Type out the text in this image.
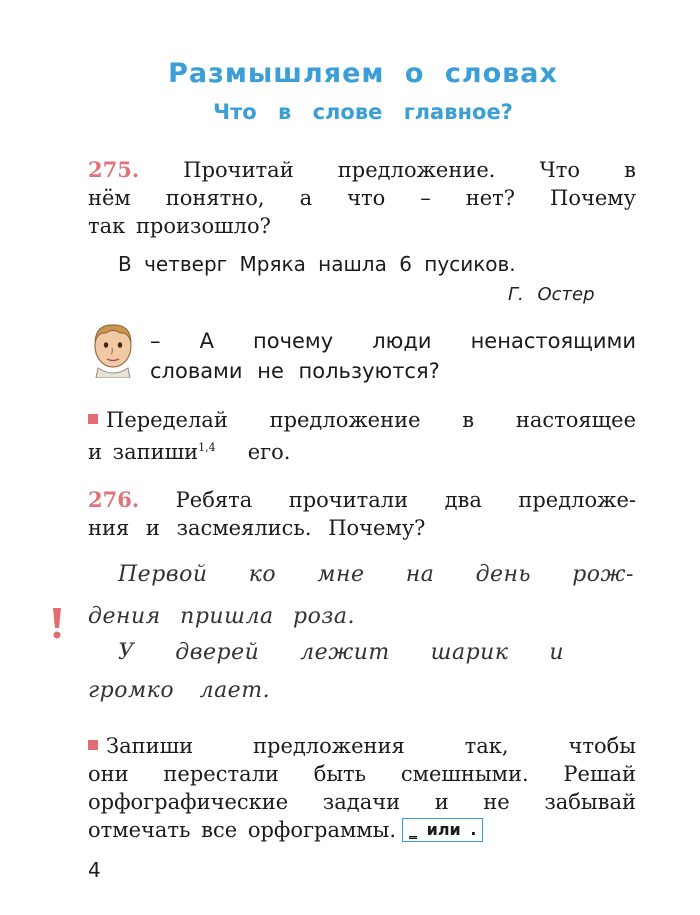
Размышляем о словах
Что в слове главное?
275. Прочитай предложение. Что в
нём понятно, а что – нет? Почему
так произошло?
В четверг Мряка нашла 6 пусиков.
Г. Остер
– А почему люди ненастоящими
словами не пользуются?
Переделай предложение в настоящее
и запиши$^{1,4}$ его.
276. Ребята прочитали два предложе-
ния и засмеялись. Почему?
Первой ко мне на день рож-
дения пришла роза.
У дверей лежит шарик и
громко лает.
Запиши предложения так, чтобы
они перестали быть смешными. Решай
орфографические задачи и не забывай
отмечать все орфограммы. _ или .
4
